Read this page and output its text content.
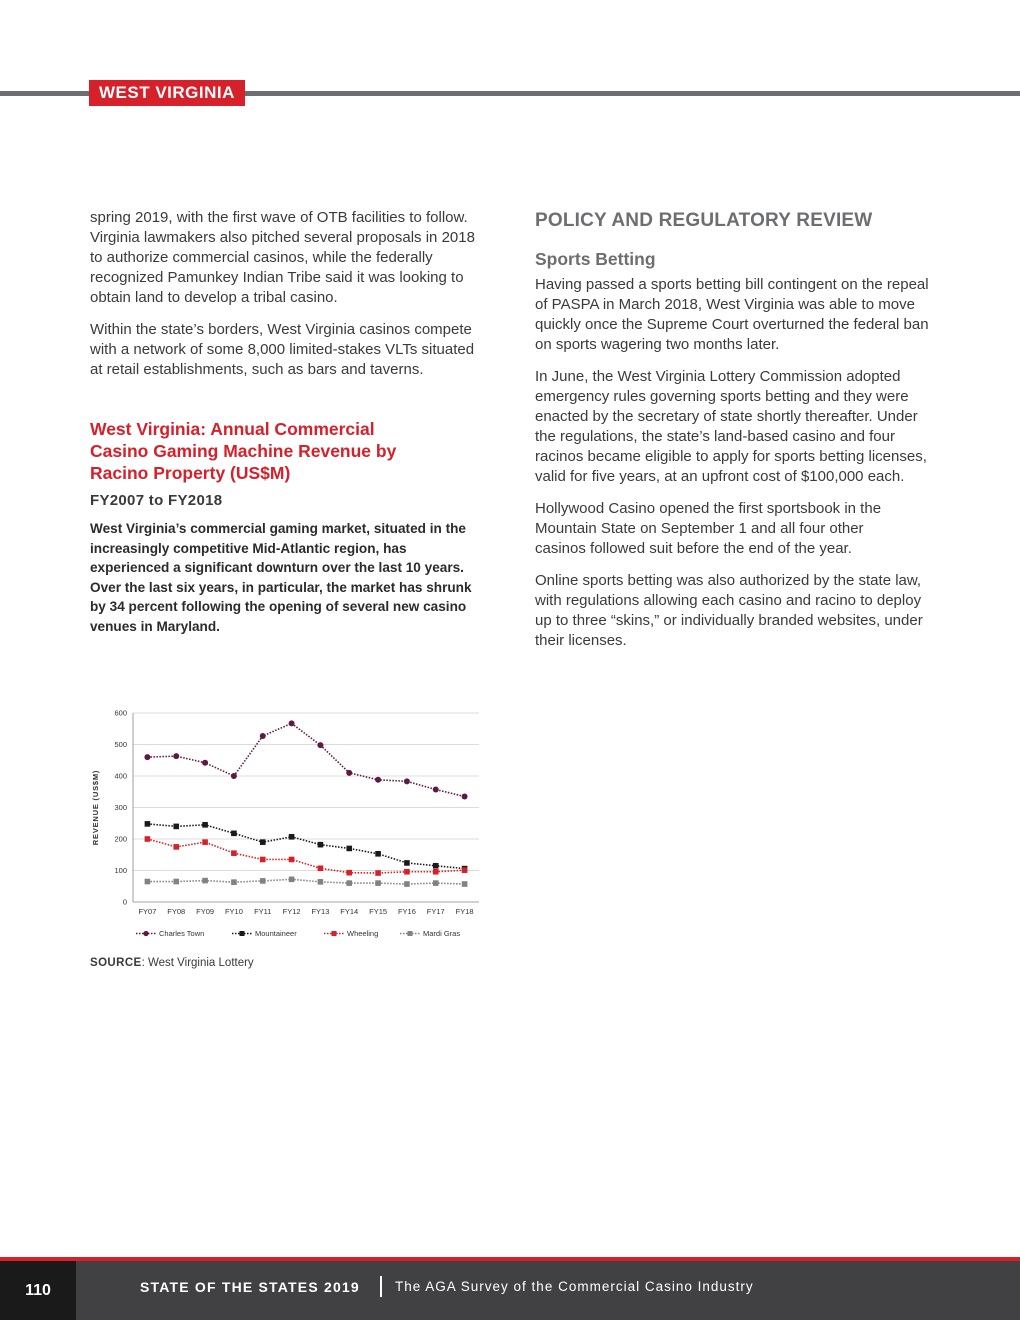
WEST VIRGINIA

spring 2019, with the first wave of OTB facilities to follow. Virginia lawmakers also pitched several proposals in 2018 to authorize commercial casinos, while the federally recognized Pamunkey Indian Tribe said it was looking to obtain land to develop a tribal casino.

Within the state’s borders, West Virginia casinos compete with a network of some 8,000 limited-stakes VLTs situated at retail establishments, such as bars and taverns.

West Virginia: Annual Commercial Casino Gaming Machine Revenue by Racino Property (US$M)
FY2007 to FY2018

West Virginia’s commercial gaming market, situated in the increasingly competitive Mid-Atlantic region, has experienced a significant downturn over the last 10 years. Over the last six years, in particular, the market has shrunk by 34 percent following the opening of several new casino venues in Maryland.

0
100
200
300
400
500
600
FY07 FY08 FY09 FY10 FY11 FY12 FY13 FY14 FY15 FY16 FY17 FY18
REVENUE (US$M)
Charles Town	Mountaineer	Wheeling	Mardi Gras
SOURCE: West Virginia Lottery
POLICY AND REGULATORY REVIEW
Sports Betting

Having passed a sports betting bill contingent on the repeal of PASPA in March 2018, West Virginia was able to move quickly once the Supreme Court overturned the federal ban on sports wagering two months later.

In June, the West Virginia Lottery Commission adopted emergency rules governing sports betting and they were enacted by the secretary of state shortly thereafter. Under the regulations, the state’s land-based casino and four racinos became eligible to apply for sports betting licenses, valid for five years, at an upfront cost of $100,000 each.

Hollywood Casino opened the first sportsbook in the Mountain State on September 1 and all four other casinos followed suit before the end of the year.

Online sports betting was also authorized by the state law, with regulations allowing each casino and racino to deploy up to three “skins,” or individually branded websites, under their licenses.

110	STATE OF THE STATES 2019	The AGA Survey of the Commercial Casino Industry
